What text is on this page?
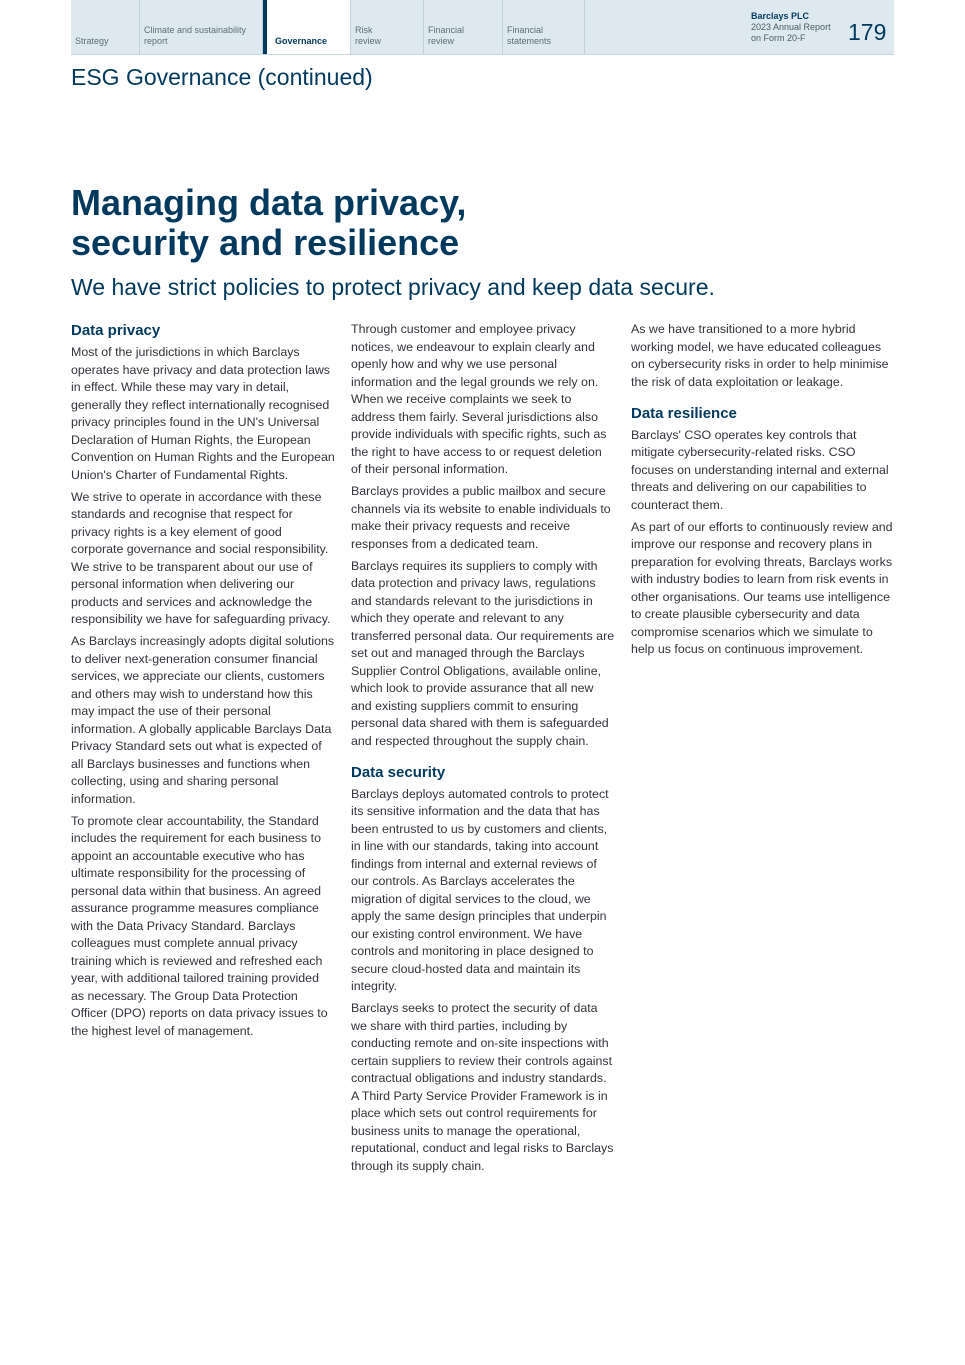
Strategy
Climate and sustainability report	Governance
Risk review
Financial review
Financial statements
Barclays PLC
2023 Annual Report
on Form 20-F	179
ESG Governance (continued)
Managing data privacy,
security and resilience
We have strict policies to protect privacy and keep data secure.
Data privacy

Most of the jurisdictions in which Barclays operates have privacy and data protection laws in effect. While these may vary in detail, generally they reflect internationally recognised privacy principles found in the UN's Universal Declaration of Human Rights, the European Convention on Human Rights and the European Union's Charter of Fundamental Rights.

We strive to operate in accordance with these standards and recognise that respect for privacy rights is a key element of good corporate governance and social responsibility. We strive to be transparent about our use of personal information when delivering our products and services and acknowledge the responsibility we have for safeguarding privacy.

As Barclays increasingly adopts digital solutions to deliver next-generation consumer financial services, we appreciate our clients, customers and others may wish to understand how this may impact the use of their personal information. A globally applicable Barclays Data Privacy Standard sets out what is expected of all Barclays businesses and functions when collecting, using and sharing personal information.

To promote clear accountability, the Standard includes the requirement for each business to appoint an accountable executive who has ultimate responsibility for the processing of personal data within that business. An agreed assurance programme measures compliance with the Data Privacy Standard. Barclays colleagues must complete annual privacy training which is reviewed and refreshed each year, with additional tailored training provided as necessary. The Group Data Protection Officer (DPO) reports on data privacy issues to the highest level of management.

Through customer and employee privacy notices, we endeavour to explain clearly and openly how and why we use personal information and the legal grounds we rely on. When we receive complaints we seek to address them fairly. Several jurisdictions also provide individuals with specific rights, such as the right to have access to or request deletion of their personal information.

Barclays provides a public mailbox and secure channels via its website to enable individuals to make their privacy requests and receive responses from a dedicated team.

Barclays requires its suppliers to comply with data protection and privacy laws, regulations and standards relevant to the jurisdictions in which they operate and relevant to any transferred personal data. Our requirements are set out and managed through the Barclays Supplier Control Obligations, available online, which look to provide assurance that all new and existing suppliers commit to ensuring personal data shared with them is safeguarded and respected throughout the supply chain.

Data security

Barclays deploys automated controls to protect its sensitive information and the data that has been entrusted to us by customers and clients, in line with our standards, taking into account findings from internal and external reviews of our controls. As Barclays accelerates the migration of digital services to the cloud, we apply the same design principles that underpin our existing control environment. We have controls and monitoring in place designed to secure cloud-hosted data and maintain its integrity.

Barclays seeks to protect the security of data we share with third parties, including by conducting remote and on-site inspections with certain suppliers to review their controls against contractual obligations and industry standards. A Third Party Service Provider Framework is in place which sets out control requirements for business units to manage the operational, reputational, conduct and legal risks to Barclays through its supply chain.

As we have transitioned to a more hybrid working model, we have educated colleagues on cybersecurity risks in order to help minimise the risk of data exploitation or leakage.

Data resilience

Barclays' CSO operates key controls that mitigate cybersecurity-related risks. CSO focuses on understanding internal and external threats and delivering on our capabilities to counteract them.

As part of our efforts to continuously review and improve our response and recovery plans in preparation for evolving threats, Barclays works with industry bodies to learn from risk events in other organisations. Our teams use intelligence to create plausible cybersecurity and data compromise scenarios which we simulate to help us focus on continuous improvement.
